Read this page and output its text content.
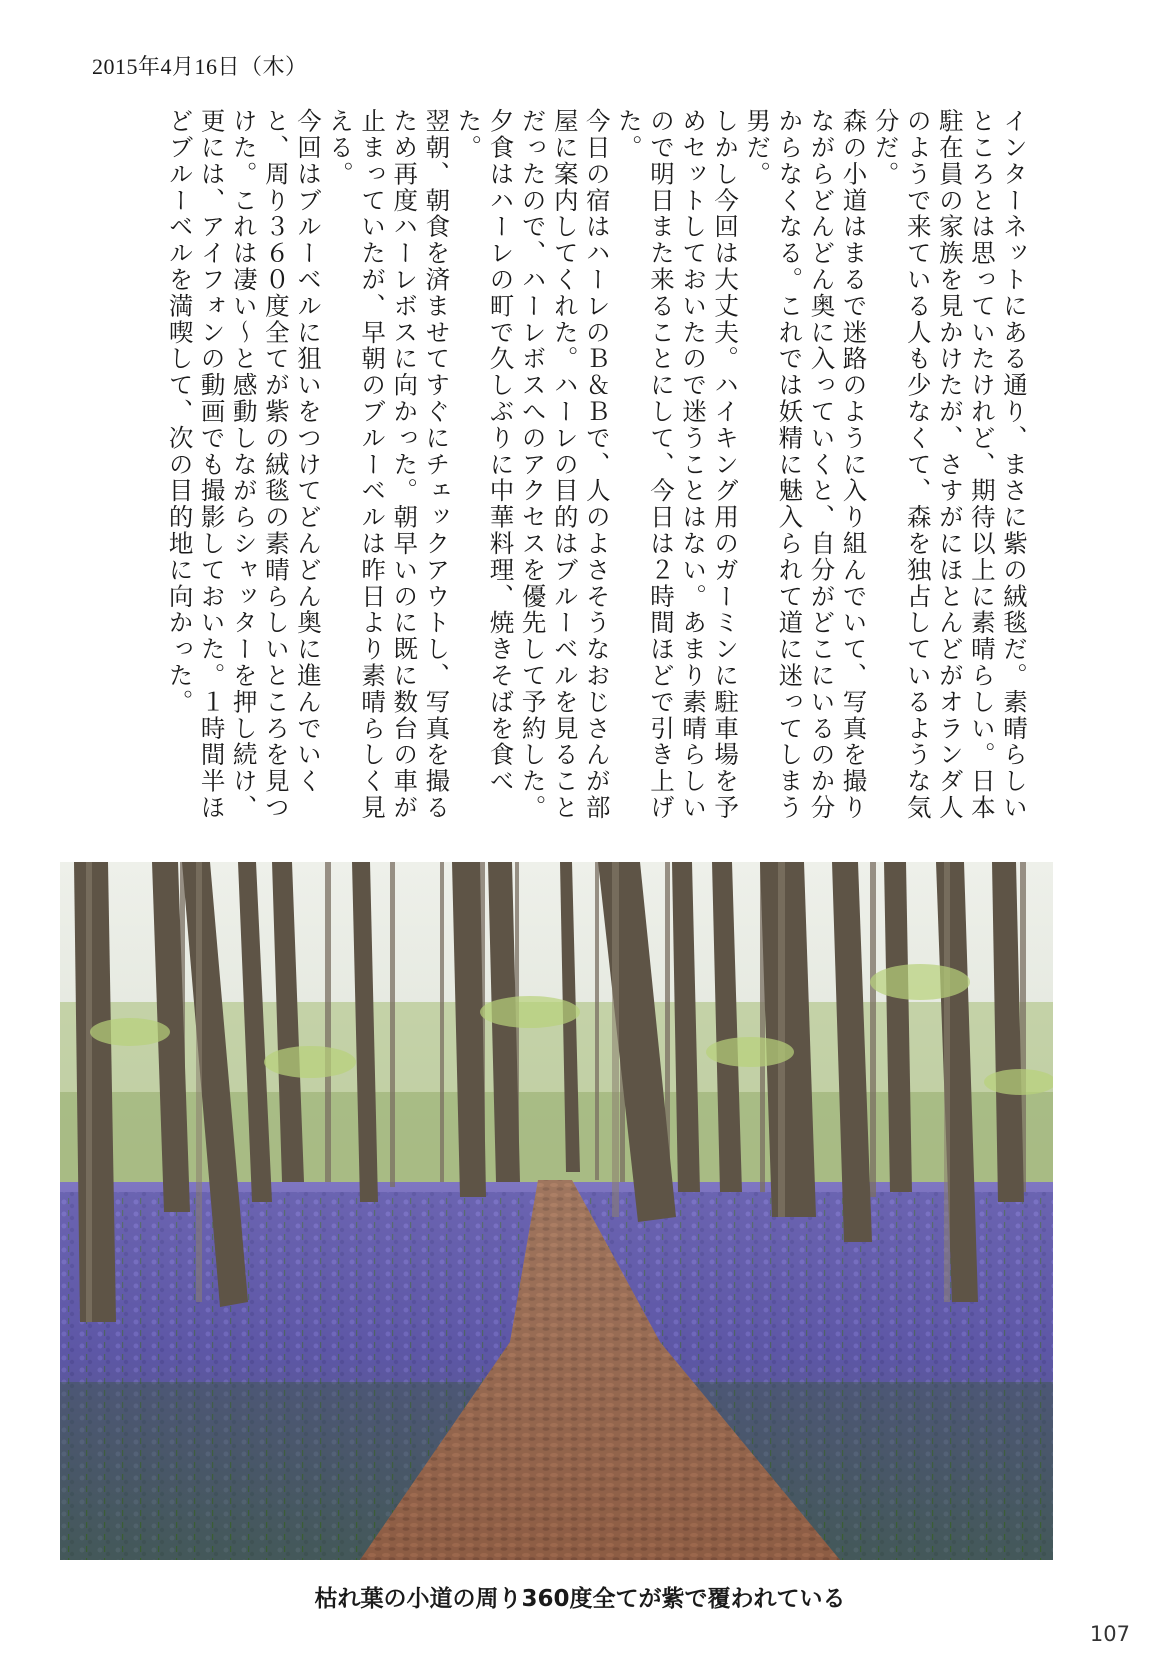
2015年4月16日（木）

インターネットにある通り、まさに紫の絨毯だ。素晴らしいところとは思っていたけれど、期待以上に素晴らしい。日本駐在員の家族を見かけたが、さすがにほとんどがオランダ人のようで来ている人も少なくて、森を独占しているような気分だ。

森の小道はまるで迷路のように入り組んでいて、写真を撮りながらどんどん奥に入っていくと、自分がどこにいるのか分からなくなる。これでは妖精に魅入られて道に迷ってしまう男だ。

しかし今回は大丈夫。ハイキング用のガーミンに駐車場を予めセットしておいたので迷うことはない。あまり素晴らしいので明日また来ることにして、今日は２時間ほどで引き上げた。

今日の宿はハーレのＢ＆Ｂで、人のよさそうなおじさんが部屋に案内してくれた。ハーレの目的はブルーベルを見ることだったので、ハーレボスへのアクセスを優先して予約した。夕食はハーレの町で久しぶりに中華料理、焼きそばを食べた。

翌朝、朝食を済ませてすぐにチェックアウトし、写真を撮るため再度ハーレボスに向かった。朝早いのに既に数台の車が止まっていたが、早朝のブルーベルは昨日より素晴らしく見える。

今回はブルーベルに狙いをつけてどんどん奥に進んでいくと、周り３６０度全てが紫の絨毯の素晴らしいところを見つけた。これは凄い〜と感動しながらシャッターを押し続け、更には、アイフォンの動画でも撮影しておいた。１時間半ほどブルーベルを満喫して、次の目的地に向かった。

枯れ葉の小道の周り360度全てが紫で覆われている
107
